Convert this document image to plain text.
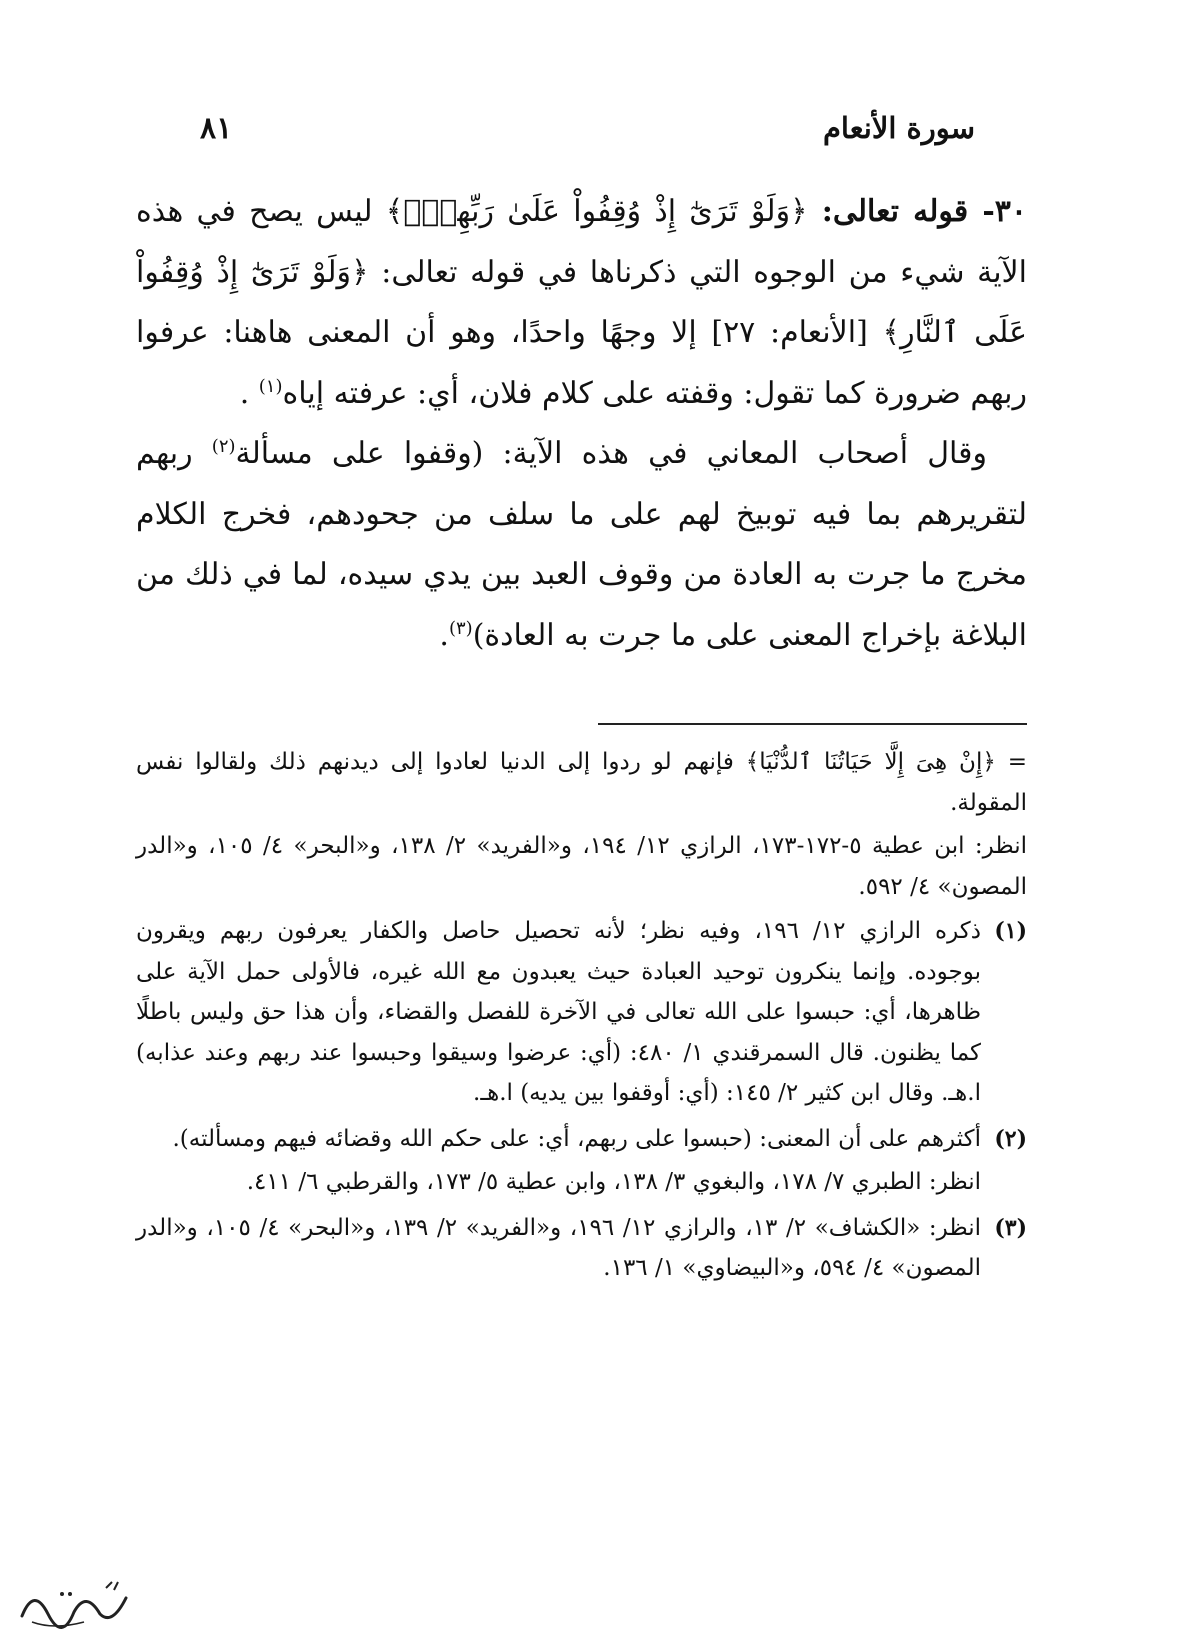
سورة الأنعام
٨١

٣٠- قوله تعالى: ﴿وَلَوْ تَرَىٰٓ إِذْ وُقِفُواْ عَلَىٰ رَبِّهِمْۚ﴾ ليس يصح في هذه الآية شيء من الوجوه التي ذكرناها في قوله تعالى: ﴿وَلَوْ تَرَىٰٓ إِذْ وُقِفُواْ عَلَى ٱلنَّارِ﴾ [الأنعام: ٢٧] إلا وجهًا واحدًا، وهو أن المعنى هاهنا: عرفوا ربهم ضرورة كما تقول: وقفته على كلام فلان، أي: عرفته إياه$^{(١)}$ .

وقال أصحاب المعاني في هذه الآية: (وقفوا على مسألة$^{(٢)}$ ربهم لتقريرهم بما فيه توبيخ لهم على ما سلف من جحودهم، فخرج الكلام مخرج ما جرت به العادة من وقوف العبد بين يدي سيده، لما في ذلك من البلاغة بإخراج المعنى على ما جرت به العادة)$^{(٣)}$.

= ﴿إِنْ هِىَ إِلَّا حَيَاتُنَا ٱلدُّنْيَا﴾ فإنهم لو ردوا إلى الدنيا لعادوا إلى ديدنهم ذلك ولقالوا نفس المقولة.

انظر: ابن عطية ٥-١٧٢-١٧٣، الرازي ١٢/ ١٩٤، و«الفريد» ٢/ ١٣٨، و«البحر» ٤/ ١٠٥، و«الدر المصون» ٤/ ٥٩٢.

(١)

ذكره الرازي ١٢/ ١٩٦، وفيه نظر؛ لأنه تحصيل حاصل والكفار يعرفون ربهم ويقرون بوجوده. وإنما ينكرون توحيد العبادة حيث يعبدون مع الله غيره، فالأولى حمل الآية على ظاهرها، أي: حبسوا على الله تعالى في الآخرة للفصل والقضاء، وأن هذا حق وليس باطلًا كما يظنون. قال السمرقندي ١/ ٤٨٠: (أي: عرضوا وسيقوا وحبسوا عند ربهم وعند عذابه) ا.هـ. وقال ابن كثير ٢/ ١٤٥: (أي: أوقفوا بين يديه) ا.هـ.

(٢)

أكثرهم على أن المعنى: (حبسوا على ربهم، أي: على حكم الله وقضائه فيهم ومسألته).

انظر: الطبري ٧/ ١٧٨، والبغوي ٣/ ١٣٨، وابن عطية ٥/ ١٧٣، والقرطبي ٦/ ٤١١.

(٣)

انظر: «الكشاف» ٢/ ١٣، والرازي ١٢/ ١٩٦، و«الفريد» ٢/ ١٣٩، و«البحر» ٤/ ١٠٥، و«الدر المصون» ٤/ ٥٩٤، و«البيضاوي» ١/ ١٣٦.
